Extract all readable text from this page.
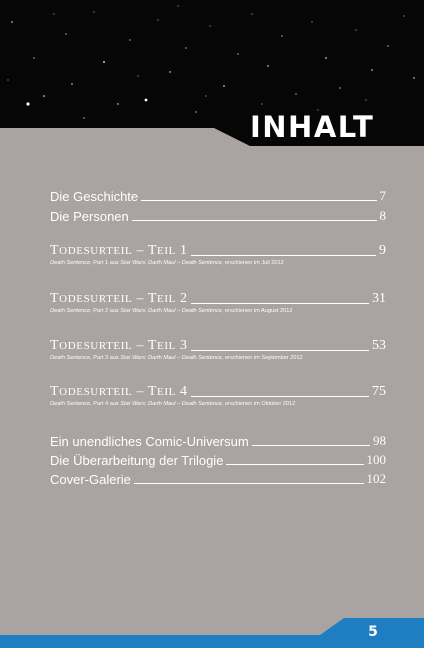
INHALT
Die Geschichte	7
Die Personen	8
TODESURTEIL – TEIL 1	9
Death Sentence, Part 1 aus Star Wars: Darth Maul – Death Sentence, erschienen im Juli 2012
TODESURTEIL – TEIL 2	31
Death Sentence, Part 2 aus Star Wars: Darth Maul – Death Sentence, erschienen im August 2012
TODESURTEIL – TEIL 3	53
Death Sentence, Part 3 aus Star Wars: Darth Maul – Death Sentence, erschienen im September 2012
TODESURTEIL – TEIL 4	75
Death Sentence, Part 4 aus Star Wars: Darth Maul – Death Sentence, erschienen im Oktober 2012
Ein unendliches Comic-Universum	98
Die Überarbeitung der Trilogie	100
Cover-Galerie	102
5
